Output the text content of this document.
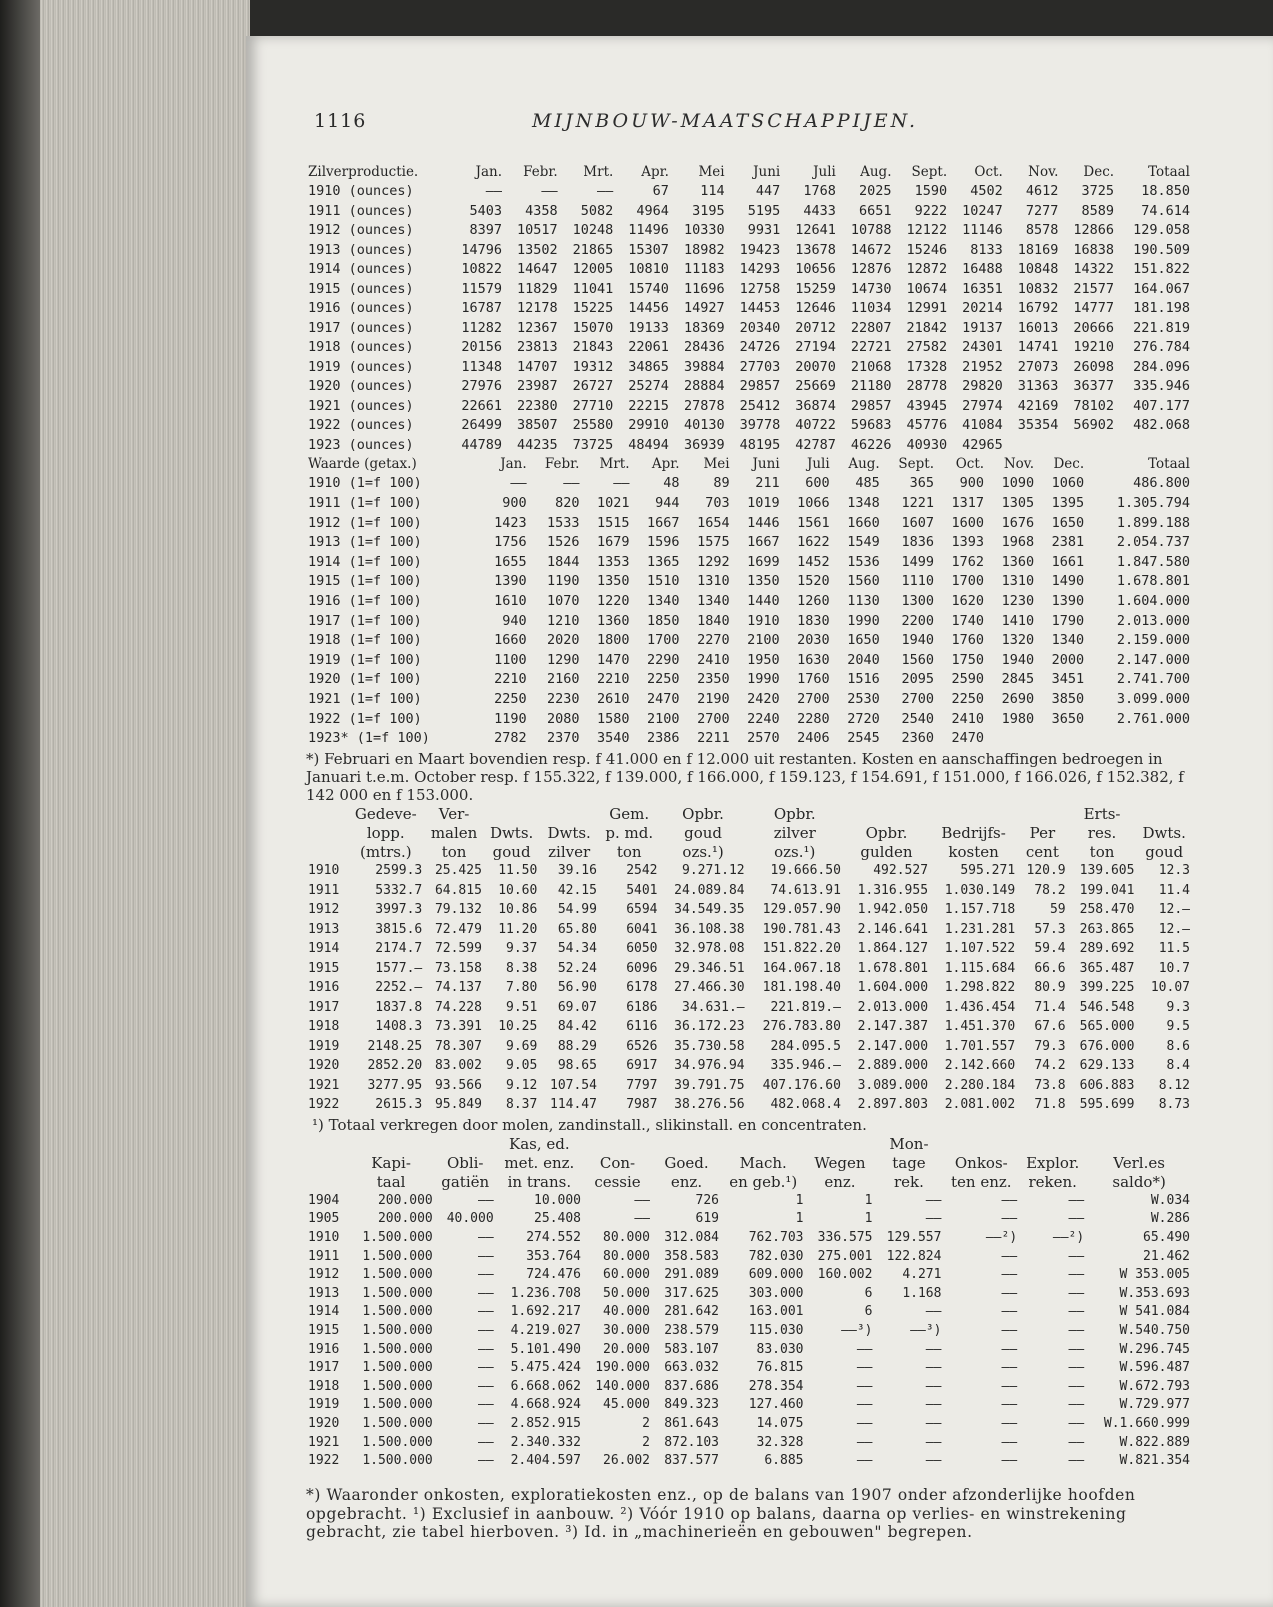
1116	MIJNBOUW-MAATSCHAPPIJEN.
Zilverproductie.	Jan.	Febr.	Mrt.	Apr.	Mei	Juni	Juli	Aug.	Sept.	Oct.	Nov.	Dec.	Totaal
1910 (ounces)	——	——	——	67	114	447	1768	2025	1590	4502	4612	3725	18.850
1911 (ounces)	5403	4358	5082	4964	3195	5195	4433	6651	9222	10247	7277	8589	74.614
1912 (ounces)	8397	10517	10248	11496	10330	9931	12641	10788	12122	11146	8578	12866	129.058
1913 (ounces)	14796	13502	21865	15307	18982	19423	13678	14672	15246	8133	18169	16838	190.509
1914 (ounces)	10822	14647	12005	10810	11183	14293	10656	12876	12872	16488	10848	14322	151.822
1915 (ounces)	11579	11829	11041	15740	11696	12758	15259	14730	10674	16351	10832	21577	164.067
1916 (ounces)	16787	12178	15225	14456	14927	14453	12646	11034	12991	20214	16792	14777	181.198
1917 (ounces)	11282	12367	15070	19133	18369	20340	20712	22807	21842	19137	16013	20666	221.819
1918 (ounces)	20156	23813	21843	22061	28436	24726	27194	22721	27582	24301	14741	19210	276.784
1919 (ounces)	11348	14707	19312	34865	39884	27703	20070	21068	17328	21952	27073	26098	284.096
1920 (ounces)	27976	23987	26727	25274	28884	29857	25669	21180	28778	29820	31363	36377	335.946
1921 (ounces)	22661	22380	27710	22215	27878	25412	36874	29857	43945	27974	42169	78102	407.177
1922 (ounces)	26499	38507	25580	29910	40130	39778	40722	59683	45776	41084	35354	56902	482.068
1923 (ounces)	44789	44235	73725	48494	36939	48195	42787	46226	40930	42965			
Waarde (getax.)	Jan.	Febr.	Mrt.	Apr.	Mei	Juni	Juli	Aug.	Sept.	Oct.	Nov.	Dec.	Totaal
1910 (1=f 100)	——	——	——	48	89	211	600	485	365	900	1090	1060	486.800
1911 (1=f 100)	900	820	1021	944	703	1019	1066	1348	1221	1317	1305	1395	1.305.794
1912 (1=f 100)	1423	1533	1515	1667	1654	1446	1561	1660	1607	1600	1676	1650	1.899.188
1913 (1=f 100)	1756	1526	1679	1596	1575	1667	1622	1549	1836	1393	1968	2381	2.054.737
1914 (1=f 100)	1655	1844	1353	1365	1292	1699	1452	1536	1499	1762	1360	1661	1.847.580
1915 (1=f 100)	1390	1190	1350	1510	1310	1350	1520	1560	1110	1700	1310	1490	1.678.801
1916 (1=f 100)	1610	1070	1220	1340	1340	1440	1260	1130	1300	1620	1230	1390	1.604.000
1917 (1=f 100)	940	1210	1360	1850	1840	1910	1830	1990	2200	1740	1410	1790	2.013.000
1918 (1=f 100)	1660	2020	1800	1700	2270	2100	2030	1650	1940	1760	1320	1340	2.159.000
1919 (1=f 100)	1100	1290	1470	2290	2410	1950	1630	2040	1560	1750	1940	2000	2.147.000
1920 (1=f 100)	2210	2160	2210	2250	2350	1990	1760	1516	2095	2590	2845	3451	2.741.700
1921 (1=f 100)	2250	2230	2610	2470	2190	2420	2700	2530	2700	2250	2690	3850	3.099.000
1922 (1=f 100)	1190	2080	1580	2100	2700	2240	2280	2720	2540	2410	1980	3650	2.761.000
1923* (1=f 100)	2782	2370	3540	2386	2211	2570	2406	2545	2360	2470			
*) Februari en Maart bovendien resp. f 41.000 en f 12.000 uit restanten. Kosten en aanschaffingen bedroegen in Januari t.e.m. October resp. f 155.322, f 139.000, f 166.000, f 159.123, f 154.691, f 151.000, f 166.026, f 152.382, f 142 000 en f 153.000.
	Gedeve-	Ver-			Gem.	Opbr.	Opbr.				Erts-	
	lopp.	malen	Dwts.	Dwts.	p. md.	goud	zilver	Opbr.	Bedrijfs-	Per	res.	Dwts.
	(mtrs.)	ton	goud	zilver	ton	ozs.¹)	ozs.¹)	gulden	kosten	cent	ton	goud
1910	2599.3	25.425	11.50	39.16	2542	9.271.12	19.666.50	492.527	595.271	120.9	139.605	12.3
1911	5332.7	64.815	10.60	42.15	5401	24.089.84	74.613.91	1.316.955	1.030.149	78.2	199.041	11.4
1912	3997.3	79.132	10.86	54.99	6594	34.549.35	129.057.90	1.942.050	1.157.718	59	258.470	12.—
1913	3815.6	72.479	11.20	65.80	6041	36.108.38	190.781.43	2.146.641	1.231.281	57.3	263.865	12.—
1914	2174.7	72.599	9.37	54.34	6050	32.978.08	151.822.20	1.864.127	1.107.522	59.4	289.692	11.5
1915	1577.—	73.158	8.38	52.24	6096	29.346.51	164.067.18	1.678.801	1.115.684	66.6	365.487	10.7
1916	2252.—	74.137	7.80	56.90	6178	27.466.30	181.198.40	1.604.000	1.298.822	80.9	399.225	10.07
1917	1837.8	74.228	9.51	69.07	6186	34.631.—	221.819.—	2.013.000	1.436.454	71.4	546.548	9.3
1918	1408.3	73.391	10.25	84.42	6116	36.172.23	276.783.80	2.147.387	1.451.370	67.6	565.000	9.5
1919	2148.25	78.307	9.69	88.29	6526	35.730.58	284.095.5	2.147.000	1.701.557	79.3	676.000	8.6
1920	2852.20	83.002	9.05	98.65	6917	34.976.94	335.946.—	2.889.000	2.142.660	74.2	629.133	8.4
1921	3277.95	93.566	9.12	107.54	7797	39.791.75	407.176.60	3.089.000	2.280.184	73.8	606.883	8.12
1922	2615.3	95.849	8.37	114.47	7987	38.276.56	482.068.4	2.897.803	2.081.002	71.8	595.699	8.73
¹) Totaal verkregen door molen, zandinstall., slikinstall. en concentraten.
			Kas, ed.					Mon-			
	Kapi-	Obli-	met. enz.	Con-	Goed.	Mach.	Wegen	tage	Onkos-	Explor.	Verl.es
	taal	gatiën	in trans.	cessie	enz.	en geb.¹)	enz.	rek.	ten enz.	reken.	saldo*)
1904	200.000	——	10.000	——	726	1	1	——	——	——	W.034
1905	200.000	40.000	25.408	——	619	1	1	——	——	——	W.286
1910	1.500.000	——	274.552	80.000	312.084	762.703	336.575	129.557	——²)	——²)	65.490
1911	1.500.000	——	353.764	80.000	358.583	782.030	275.001	122.824	——	——	21.462
1912	1.500.000	——	724.476	60.000	291.089	609.000	160.002	4.271	——	——	W 353.005
1913	1.500.000	——	1.236.708	50.000	317.625	303.000	6	1.168	——	——	W.353.693
1914	1.500.000	——	1.692.217	40.000	281.642	163.001	6	——	——	——	W 541.084
1915	1.500.000	——	4.219.027	30.000	238.579	115.030	——³)	——³)	——	——	W.540.750
1916	1.500.000	——	5.101.490	20.000	583.107	83.030	——	——	——	——	W.296.745
1917	1.500.000	——	5.475.424	190.000	663.032	76.815	——	——	——	——	W.596.487
1918	1.500.000	——	6.668.062	140.000	837.686	278.354	——	——	——	——	W.672.793
1919	1.500.000	——	4.668.924	45.000	849.323	127.460	——	——	——	——	W.729.977
1920	1.500.000	——	2.852.915	2	861.643	14.075	——	——	——	——	W.1.660.999
1921	1.500.000	——	2.340.332	2	872.103	32.328	——	——	——	——	W.822.889
1922	1.500.000	——	2.404.597	26.002	837.577	6.885	——	——	——	——	W.821.354
*) Waaronder onkosten, exploratiekosten enz., op de balans van 1907 onder afzonderlijke hoofden opgebracht. ¹) Exclusief in aanbouw. ²) Vóór 1910 op balans, daarna op verlies- en winstrekening gebracht, zie tabel hierboven. ³) Id. in „machinerieën en gebouwen" begrepen.
